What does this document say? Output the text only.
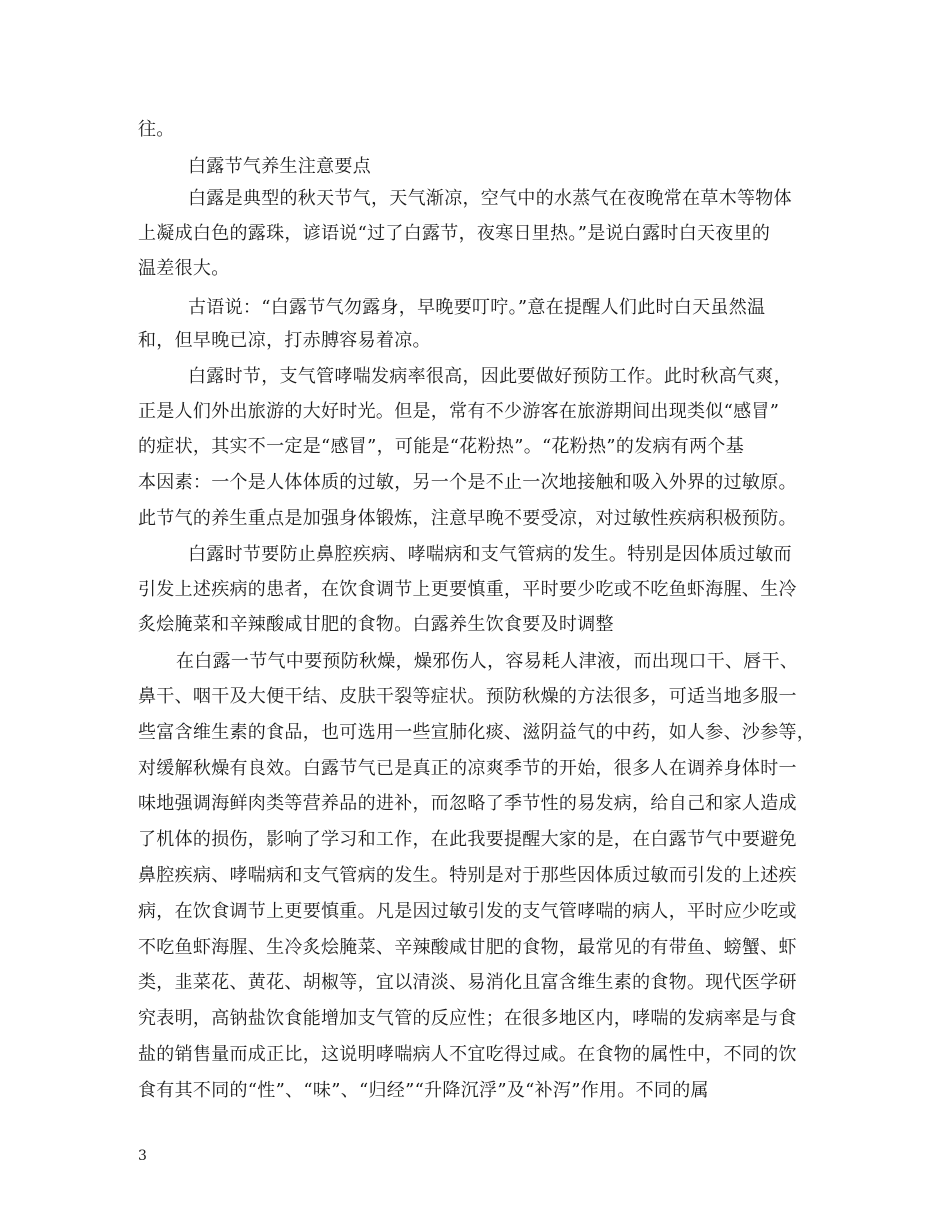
往。
白露节气养生注意要点
白露是典型的秋天节气，天气渐凉，空气中的水蒸气在夜晚常在草木等物体
上凝成白色的露珠，谚语说“过了白露节，夜寒日里热。”是说白露时白天夜里的
温差很大。
古语说：“白露节气勿露身，早晚要叮咛。”意在提醒人们此时白天虽然温
和，但早晚已凉，打赤膊容易着凉。
白露时节，支气管哮喘发病率很高，因此要做好预防工作。此时秋高气爽，
正是人们外出旅游的大好时光。但是，常有不少游客在旅游期间出现类似“感冒”
的症状，其实不一定是“感冒”，可能是“花粉热”。“花粉热”的发病有两个基
本因素：一个是人体体质的过敏，另一个是不止一次地接触和吸入外界的过敏原。
此节气的养生重点是加强身体锻炼，注意早晚不要受凉，对过敏性疾病积极预防。
白露时节要防止鼻腔疾病、哮喘病和支气管病的发生。特别是因体质过敏而
引发上述疾病的患者，在饮食调节上更要慎重，平时要少吃或不吃鱼虾海腥、生冷
炙烩腌菜和辛辣酸咸甘肥的食物。白露养生饮食要及时调整
在白露一节气中要预防秋燥，燥邪伤人，容易耗人津液，而出现口干、唇干、
鼻干、咽干及大便干结、皮肤干裂等症状。预防秋燥的方法很多，可适当地多服一
些富含维生素的食品，也可选用一些宣肺化痰、滋阴益气的中药，如人参、沙参等，
对缓解秋燥有良效。白露节气已是真正的凉爽季节的开始，很多人在调养身体时一
味地强调海鲜肉类等营养品的进补，而忽略了季节性的易发病，给自己和家人造成
了机体的损伤，影响了学习和工作，在此我要提醒大家的是，在白露节气中要避免
鼻腔疾病、哮喘病和支气管病的发生。特别是对于那些因体质过敏而引发的上述疾
病，在饮食调节上更要慎重。凡是因过敏引发的支气管哮喘的病人，平时应少吃或
不吃鱼虾海腥、生冷炙烩腌菜、辛辣酸咸甘肥的食物，最常见的有带鱼、螃蟹、虾
类，韭菜花、黄花、胡椒等，宜以清淡、易消化且富含维生素的食物。现代医学研
究表明，高钠盐饮食能增加支气管的反应性；在很多地区内，哮喘的发病率是与食
盐的销售量而成正比，这说明哮喘病人不宜吃得过咸。在食物的属性中，不同的饮
食有其不同的“性”、“味”、“归经”“升降沉浮”及“补泻”作用。不同的属
3
